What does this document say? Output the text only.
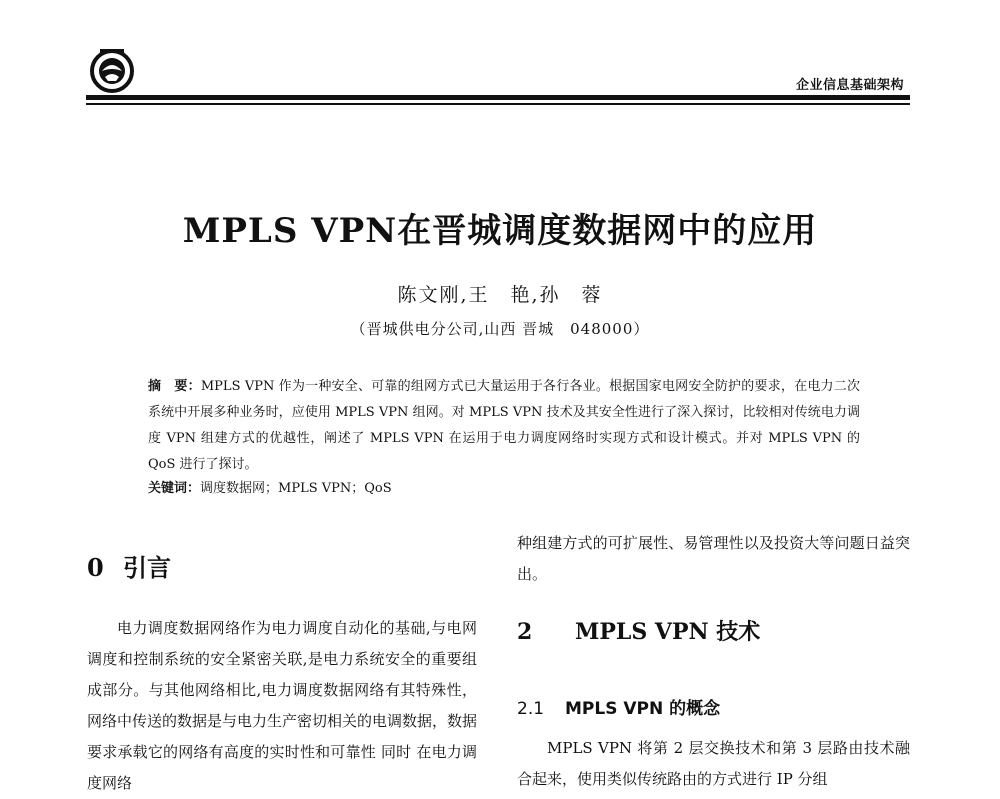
企业信息基础架构
MPLS VPN在晋城调度数据网中的应用
陈文刚,王　艳,孙　蓉
（晋城供电分公司,山西 晋城　048000）
摘　要：MPLS VPN 作为一种安全、可靠的组网方式已大量运用于各行各业。根据国家电网安全防护的要求，在电力二次系统中开展多种业务时，应使用 MPLS VPN 组网。对 MPLS VPN 技术及其安全性进行了深入探讨，比较相对传统电力调度 VPN 组建方式的优越性，阐述了 MPLS VPN 在运用于电力调度网络时实现方式和设计模式。并对 MPLS VPN 的 QoS 进行了探讨。
关键词：调度数据网；MPLS VPN；QoS
0 引言

电力调度数据网络作为电力调度自动化的基础,与电网调度和控制系统的安全紧密关联,是电力系统安全的重要组成部分。与其他网络相比,电力调度数据网络有其特殊性，网络中传送的数据是与电力生产密切相关的电调数据，数据要求承载它的网络有高度的实时性和可靠性 同时 在电力调度网络

种组建方式的可扩展性、易管理性以及投资大等问题日益突出。

2 MPLS VPN 技术
2.1 MPLS VPN 的概念

MPLS VPN 将第 2 层交换技术和第 3 层路由技术融合起来，使用类似传统路由的方式进行 IP 分组
